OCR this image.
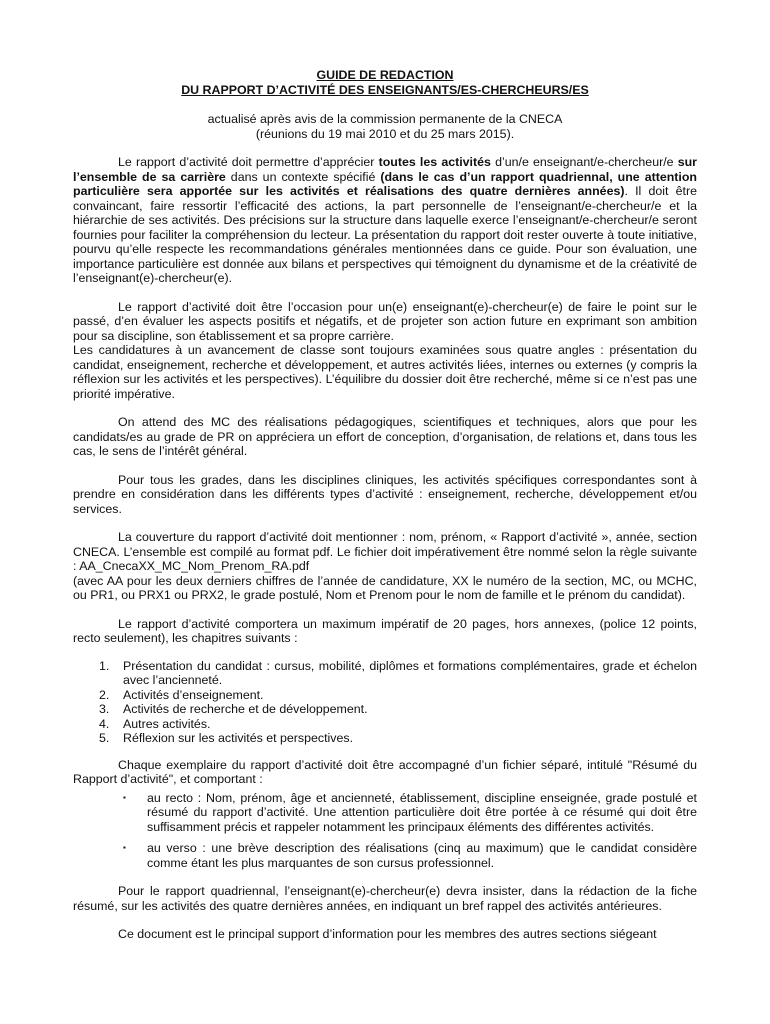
GUIDE DE REDACTION

DU RAPPORT D’ACTIVITÉ DES ENSEIGNANTS/ES-CHERCHEURS/ES

actualisé après avis de la commission permanente de la CNECA

(réunions du 19 mai 2010 et du 25 mars 2015).

Le rapport d’activité doit permettre d’apprécier toutes les activités d’un/e enseignant/e-chercheur/e sur l’ensemble de sa carrière dans un contexte spécifié (dans le cas d’un rapport quadriennal, une attention particulière sera apportée sur les activités et réalisations des quatre dernières années). Il doit être convaincant, faire ressortir l’efficacité des actions, la part personnelle de l’enseignant/e-chercheur/e et la hiérarchie de ses activités. Des précisions sur la structure dans laquelle exerce l’enseignant/e-chercheur/e seront fournies pour faciliter la compréhension du lecteur. La présentation du rapport doit rester ouverte à toute initiative, pourvu qu’elle respecte les recommandations générales mentionnées dans ce guide. Pour son évaluation, une importance particulière est donnée aux bilans et perspectives qui témoignent du dynamisme et de la créativité de l’enseignant(e)-chercheur(e).

Le rapport d’activité doit être l’occasion pour un(e) enseignant(e)-chercheur(e) de faire le point sur le passé, d’en évaluer les aspects positifs et négatifs, et de projeter son action future en exprimant son ambition pour sa discipline, son établissement et sa propre carrière.

Les candidatures à un avancement de classe sont toujours examinées sous quatre angles : présentation du candidat, enseignement, recherche et développement, et autres activités liées, internes ou externes (y compris la réflexion sur les activités et les perspectives). L’équilibre du dossier doit être recherché, même si ce n’est pas une priorité impérative.

On attend des MC des réalisations pédagogiques, scientifiques et techniques, alors que pour les candidats/es au grade de PR on appréciera un effort de conception, d’organisation, de relations et, dans tous les cas, le sens de l’intérêt général.

Pour tous les grades, dans les disciplines cliniques, les activités spécifiques correspondantes sont à prendre en considération dans les différents types d’activité : enseignement, recherche, développement et/ou services.

La couverture du rapport d’activité doit mentionner : nom, prénom, « Rapport d’activité », année, section CNECA. L’ensemble est compilé au format pdf. Le fichier doit impérativement être nommé selon la règle suivante : AA_CnecaXX_MC_Nom_Prenom_RA.pdf

(avec AA pour les deux derniers chiffres de l’année de candidature, XX le numéro de la section, MC, ou MCHC, ou PR1, ou PRX1 ou PRX2, le grade postulé, Nom et Prenom pour le nom de famille et le prénom du candidat).

Le rapport d’activité comportera un maximum impératif de 20 pages, hors annexes, (police 12 points, recto seulement), les chapitres suivants :

1. Présentation du candidat : cursus, mobilité, diplômes et formations complémentaires, grade et échelon avec l’ancienneté.
2. Activités d’enseignement.
3. Activités de recherche et de développement.
4. Autres activités.
5. Réflexion sur les activités et perspectives.

Chaque exemplaire du rapport d’activité doit être accompagné d’un fichier séparé, intitulé "Résumé du Rapport d’activité", et comportant :

▪ au recto : Nom, prénom, âge et ancienneté, établissement, discipline enseignée, grade postulé et résumé du rapport d’activité. Une attention particulière doit être portée à ce résumé qui doit être suffisamment précis et rappeler notamment les principaux éléments des différentes activités.
▪ au verso : une brève description des réalisations (cinq au maximum) que le candidat considère comme étant les plus marquantes de son cursus professionnel.

Pour le rapport quadriennal, l’enseignant(e)-chercheur(e) devra insister, dans la rédaction de la fiche résumé, sur les activités des quatre dernières années, en indiquant un bref rappel des activités antérieures.

Ce document est le principal support d’information pour les membres des autres sections siégeant
